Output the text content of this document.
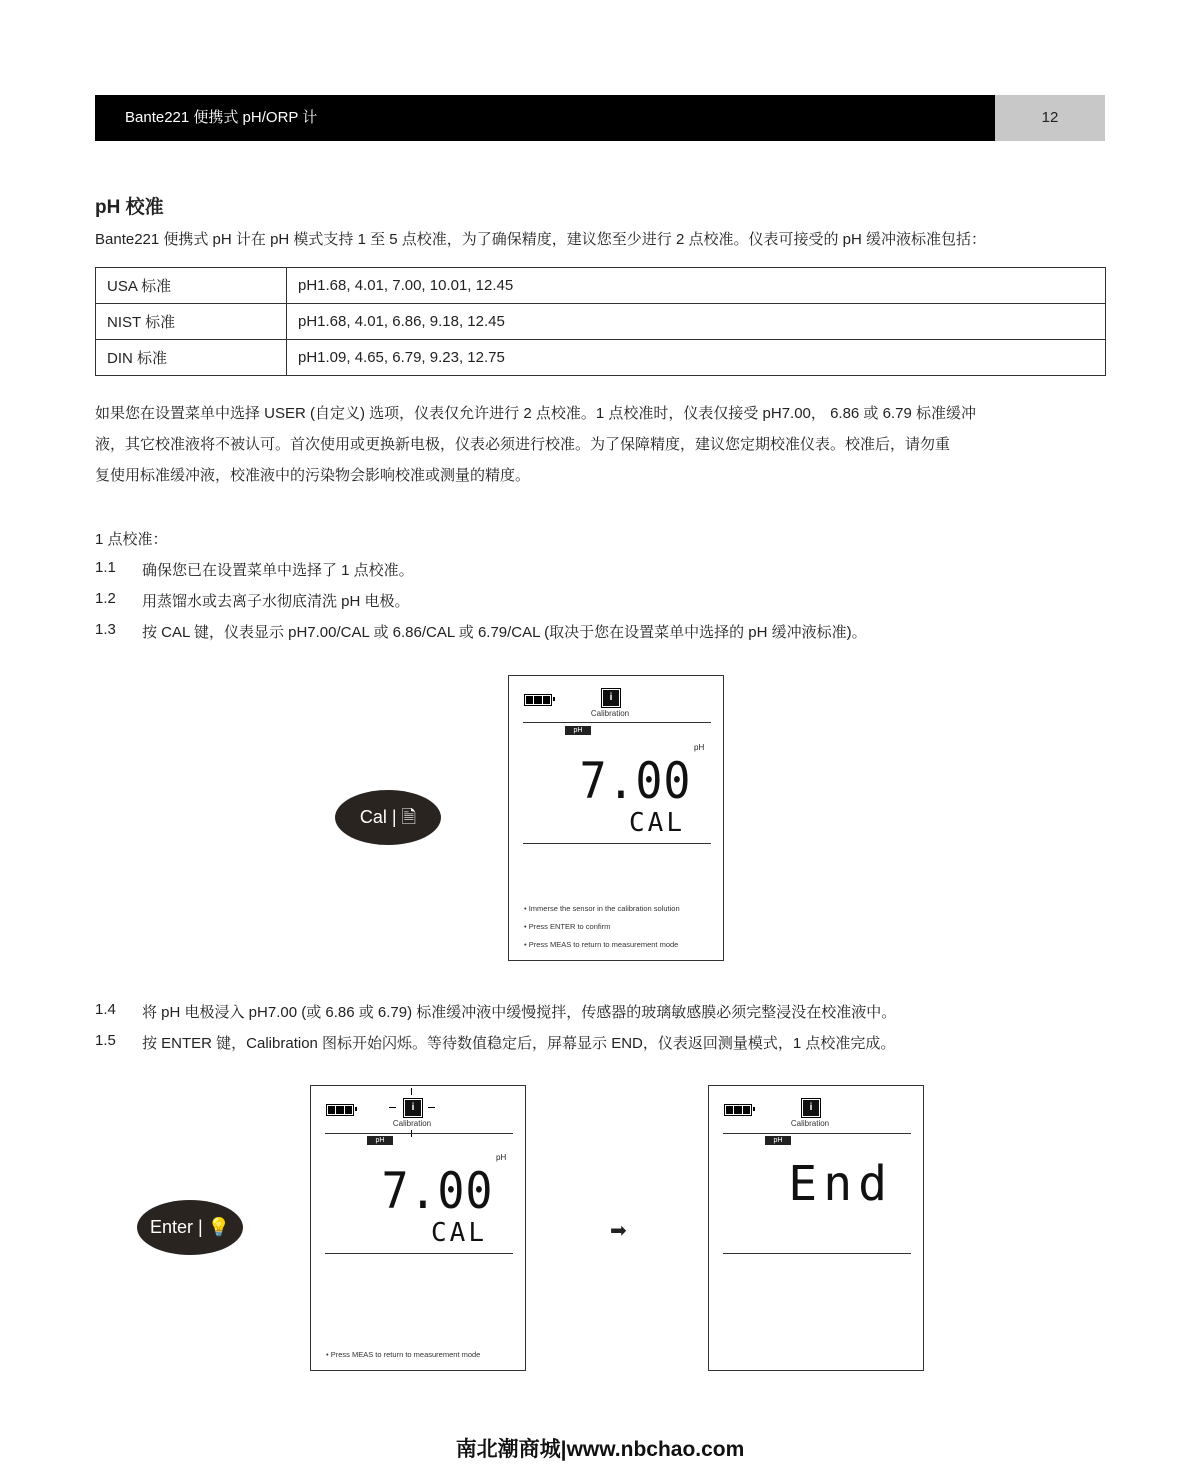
Bante221 便携式 pH/ORP 计	12
pH 校准
Bante221 便携式 pH 计在 pH 模式支持 1 至 5 点校准，为了确保精度，建议您至少进行 2 点校准。仪表可接受的 pH 缓冲液标准包括：
USA 标准	pH1.68, 4.01, 7.00, 10.01, 12.45
NIST 标准	pH1.68, 4.01, 6.86, 9.18, 12.45
DIN 标准	pH1.09, 4.65, 6.79, 9.23, 12.75
如果您在设置菜单中选择 USER (自定义) 选项，仪表仅允许进行 2 点校准。1 点校准时，仪表仅接受 pH7.00， 6.86 或 6.79 标准缓冲
液，其它校准液将不被认可。首次使用或更换新电极，仪表必须进行校准。为了保障精度，建议您定期校准仪表。校准后，请勿重
复使用标准缓冲液，校准液中的污染物会影响校准或测量的精度。
1 点校准：
1.1 确保您已在设置菜单中选择了 1 点校准。
1.2 用蒸馏水或去离子水彻底清洗 pH 电极。
1.3 按 CAL 键，仪表显示 pH7.00/CAL 或 6.86/CAL 或 6.79/CAL (取决于您在设置菜单中选择的 pH 缓冲液标准)。
Cal | 🗎
i
Calibration
pH
pH
7.00
CAL
• Immerse the sensor in the calibration solution
• Press ENTER to confirm
• Press MEAS to return to measurement mode
1.4 将 pH 电极浸入 pH7.00 (或 6.86 或 6.79) 标准缓冲液中缓慢搅拌，传感器的玻璃敏感膜必须完整浸没在校准液中。
1.5 按 ENTER 键，Calibration 图标开始闪烁。等待数值稳定后，屏幕显示 END，仪表返回测量模式，1 点校准完成。
Enter | 💡
i
Calibration
pH
pH
7.00
CAL
• Press MEAS to return to measurement mode
➡
i
Calibration
pH
End
南北潮商城|www.nbchao.com
